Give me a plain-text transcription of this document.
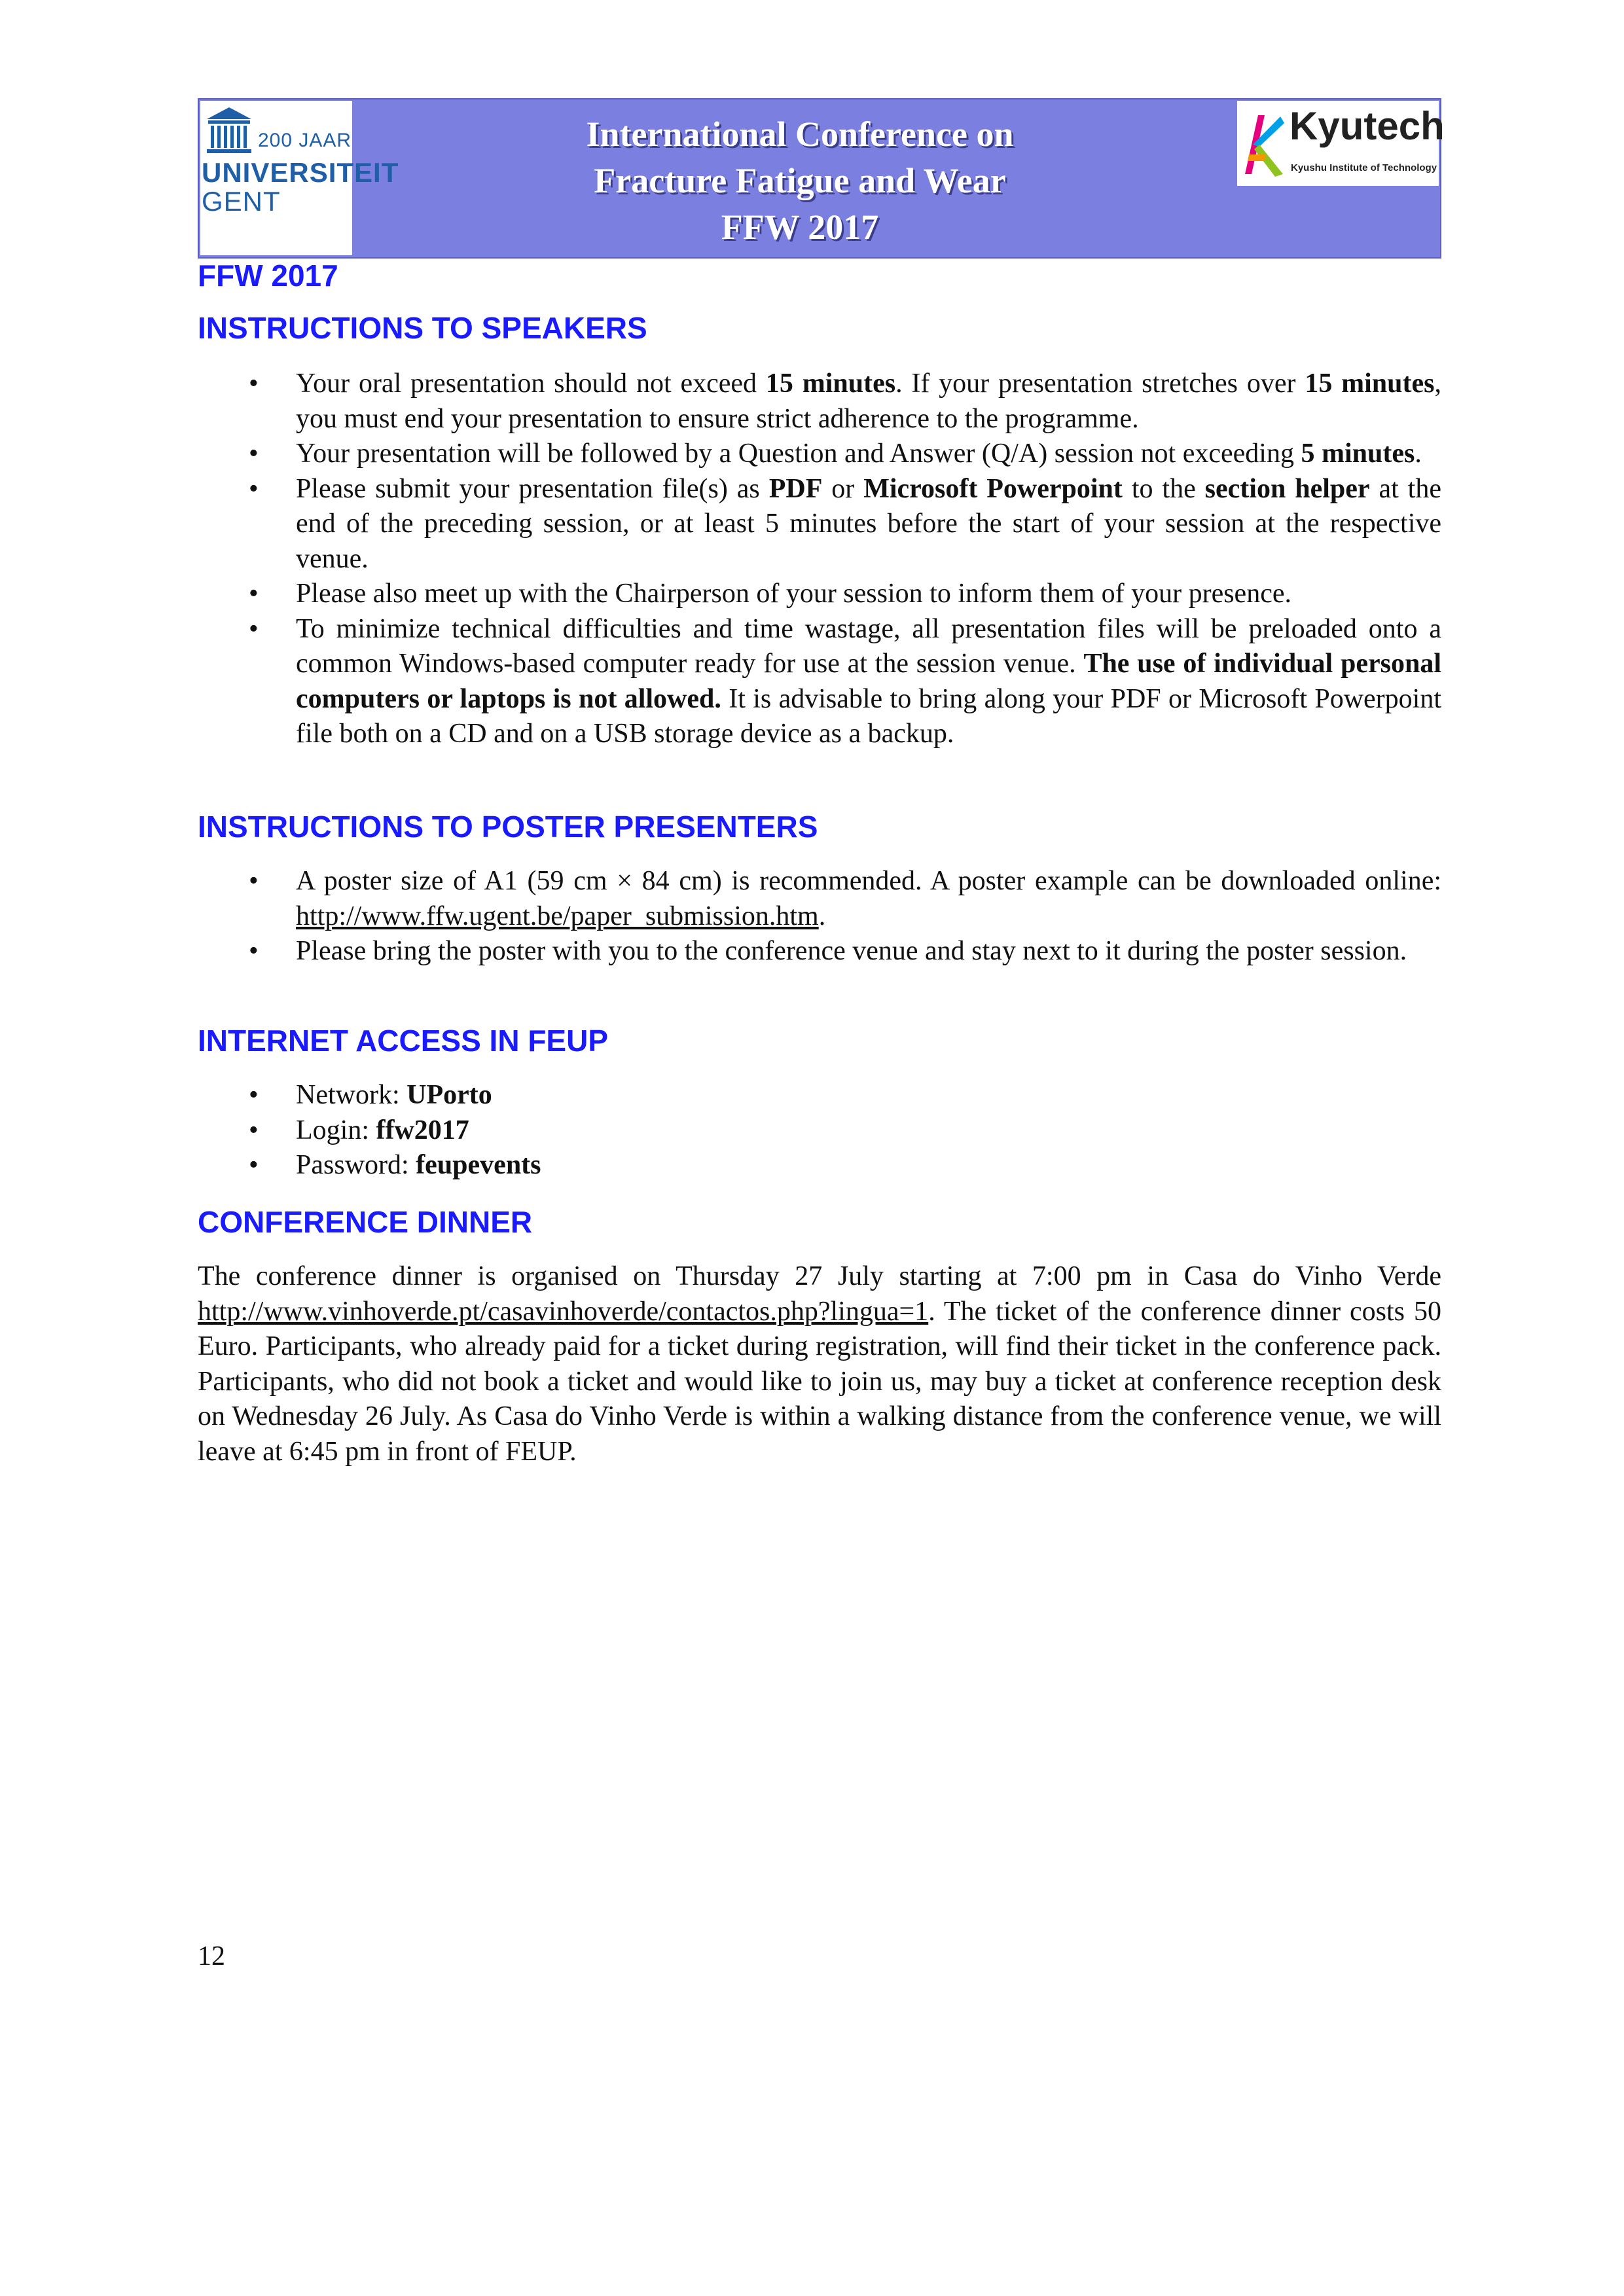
200 JAAR
UNIVERSITEIT
GENT
International Conference on
Fracture Fatigue and Wear
FFW 2017
Kyutech
Kyushu Institute of Technology
FFW 2017
INSTRUCTIONS TO SPEAKERS
• Your oral presentation should not exceed 15 minutes. If your presentation stretches over 15 minutes, you must end your presentation to ensure strict adherence to the programme.
• Your presentation will be followed by a Question and Answer (Q/A) session not exceeding 5 minutes.
• Please submit your presentation file(s) as PDF or Microsoft Powerpoint to the section helper at the end of the preceding session, or at least 5 minutes before the start of your session at the respective venue.
• Please also meet up with the Chairperson of your session to inform them of your presence.
• To minimize technical difficulties and time wastage, all presentation files will be preloaded onto a common Windows-based computer ready for use at the session venue. The use of individual personal computers or laptops is not allowed. It is advisable to bring along your PDF or Microsoft Powerpoint file both on a CD and on a USB storage device as a backup.
INSTRUCTIONS TO POSTER PRESENTERS
• A poster size of A1 (59 cm × 84 cm) is recommended. A poster example can be downloaded online: http://www.ffw.ugent.be/paper_submission.htm.
• Please bring the poster with you to the conference venue and stay next to it during the poster session.
INTERNET ACCESS IN FEUP
• Network: UPorto
• Login: ffw2017
• Password: feupevents
CONFERENCE DINNER

The conference dinner is organised on Thursday 27 July starting at 7:00 pm in Casa do Vinho Verde http://www.vinhoverde.pt/casavinhoverde/contactos.php?lingua=1. The ticket of the conference dinner costs 50 Euro. Participants, who already paid for a ticket during registration, will find their ticket in the conference pack. Participants, who did not book a ticket and would like to join us, may buy a ticket at conference reception desk on Wednesday 26 July. As Casa do Vinho Verde is within a walking distance from the conference venue, we will leave at 6:45 pm in front of FEUP.

12
